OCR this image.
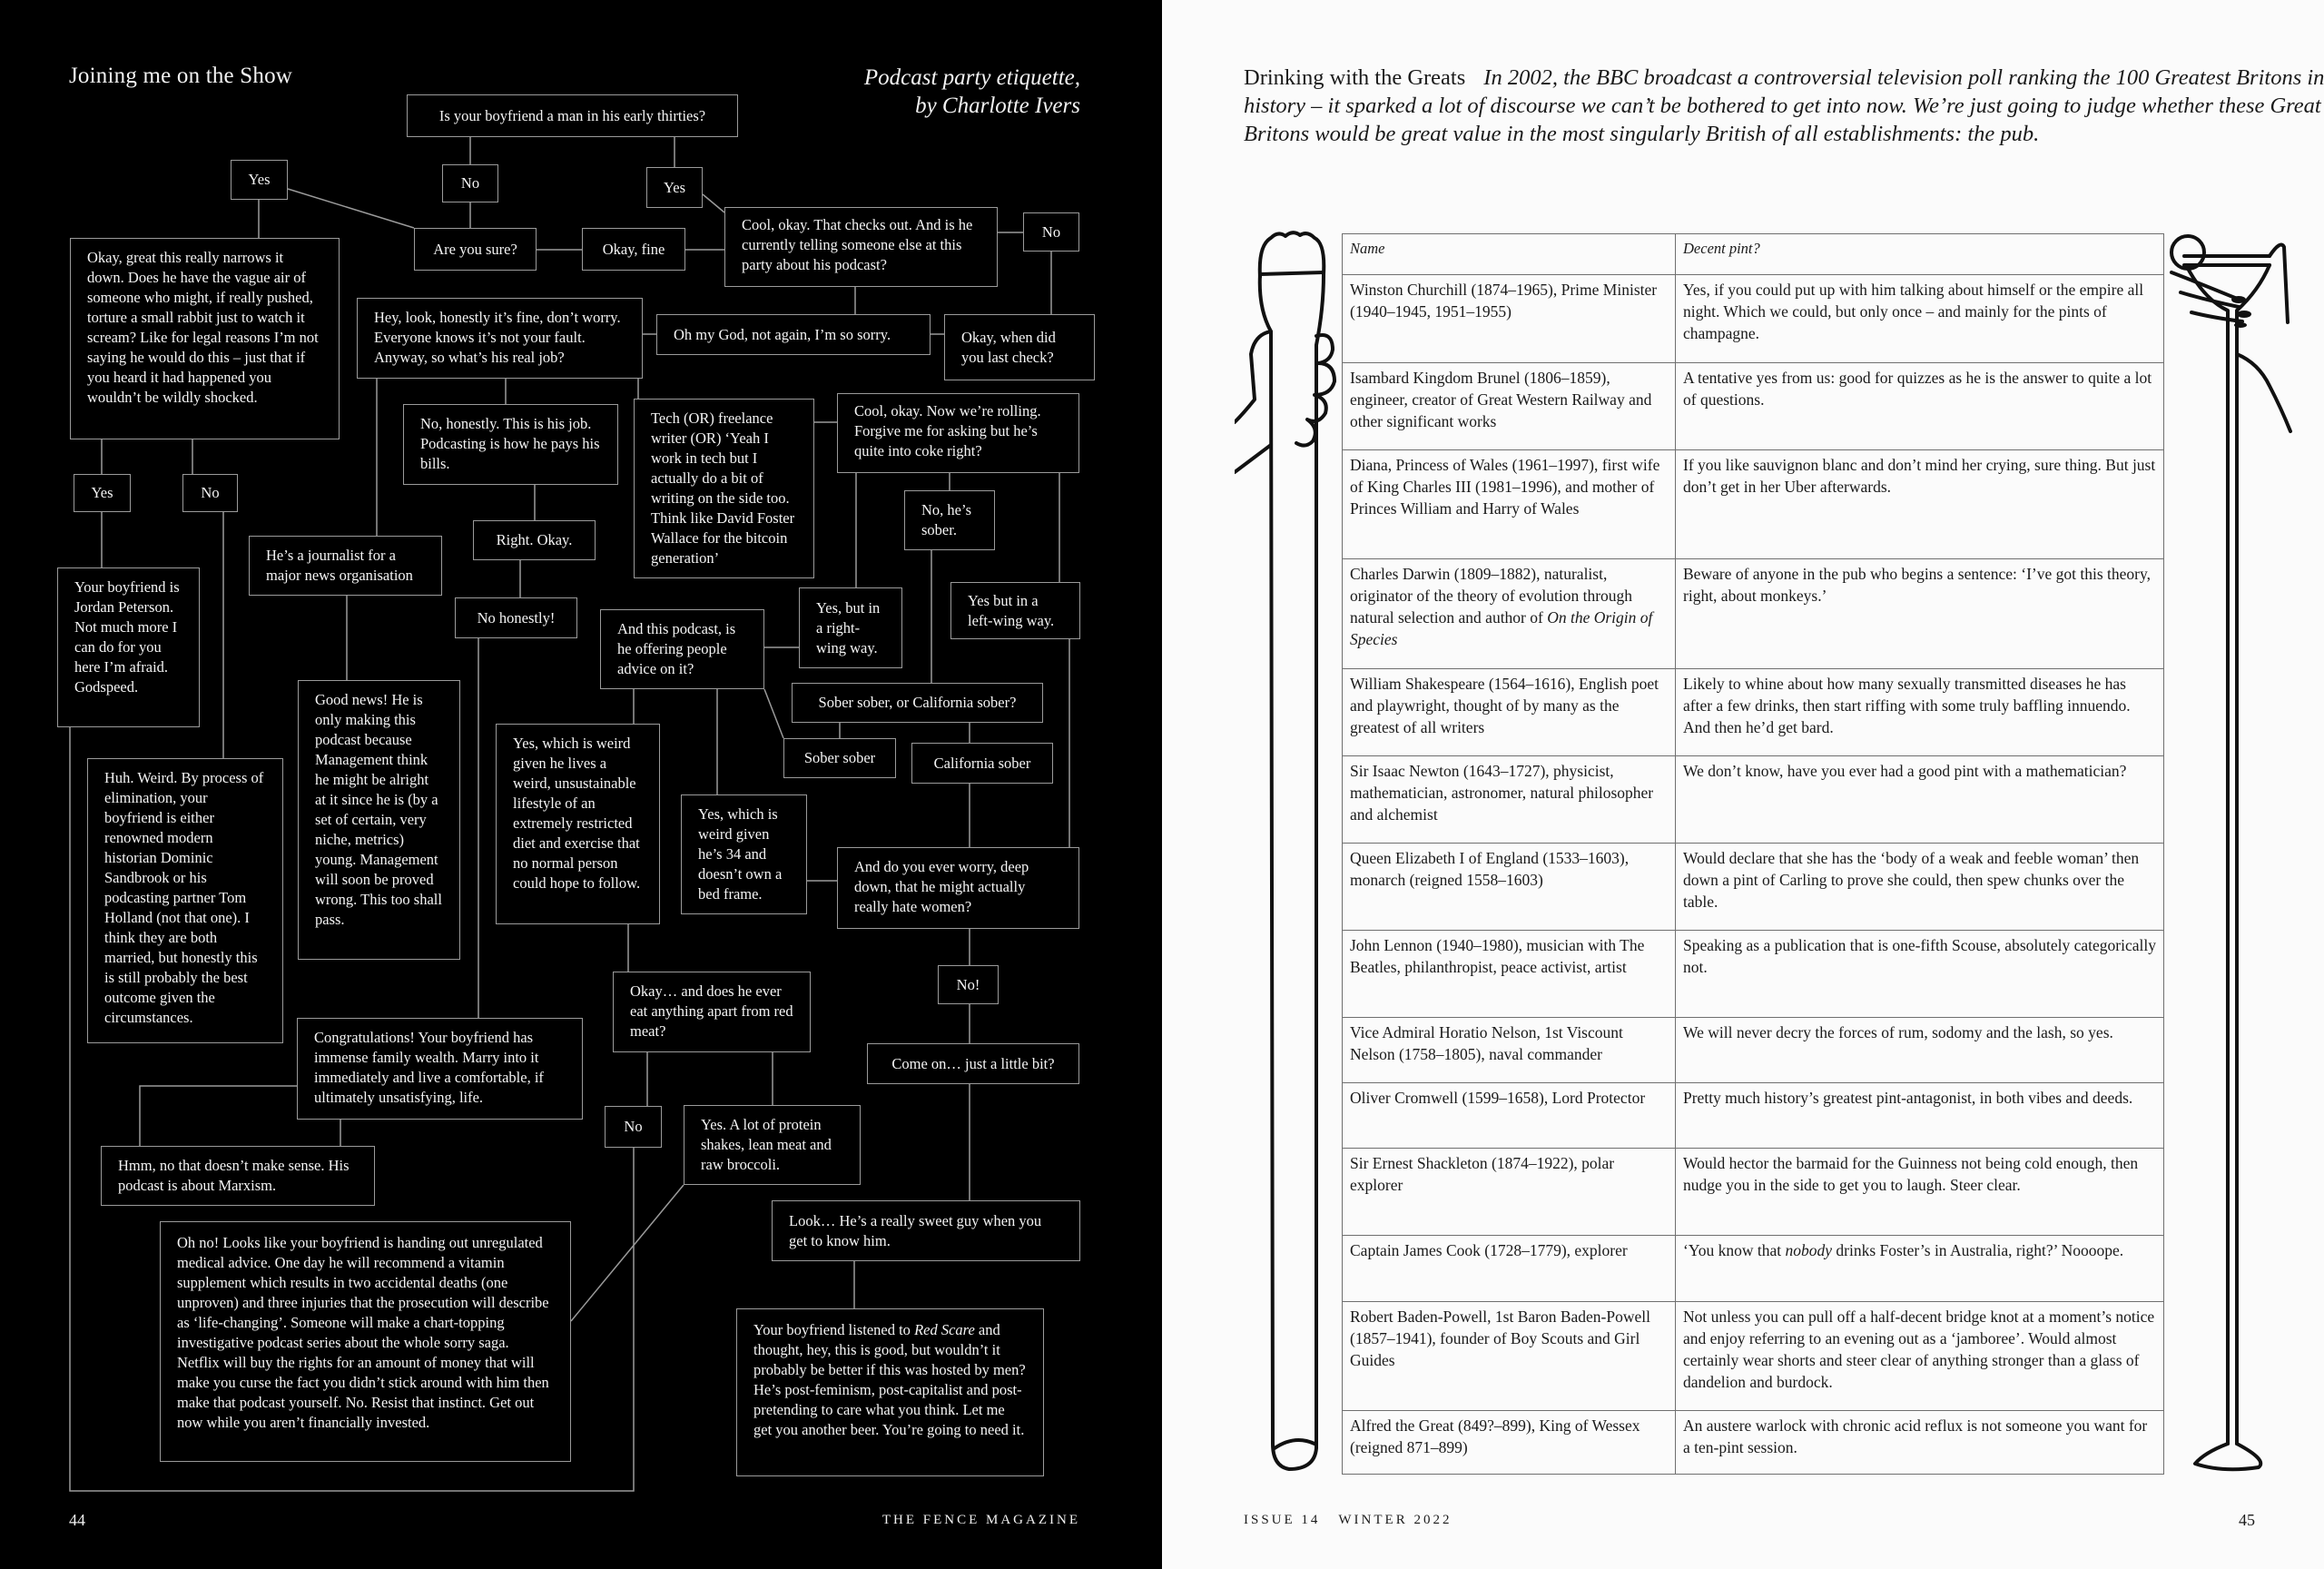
Joining me on the Show	Podcast party etiquette,
by Charlotte Ivers
Is your boyfriend a man in his early thirties?
Yes	No	Yes
Are you sure?	Okay, fine
Cool, okay. That checks out. And is he currently telling someone else at this party about his podcast?
No
Okay, great this really narrows it down. Does he have the vague air of someone who might, if really pushed, torture a small rabbit just to watch it scream? Like for legal reasons I’m not saying he would do this – just that if you heard it had happened you wouldn’t be wildly shocked.
Hey, look, honestly it’s fine, don’t worry. Everyone knows it’s not your fault. Anyway, so what’s his real job?
Oh my God, not again, I’m so sorry.	Okay, when did you last check?
No, honestly. This is his job. Podcasting is how he pays his bills.
Tech (OR) freelance writer (OR) ‘Yeah I work in tech but I actually do a bit of writing on the side too. Think like David Foster Wallace for the bitcoin generation’
Cool, okay. Now we’re rolling. Forgive me for asking but he’s quite into coke right?
Yes	No
No, he’s sober.
He’s a journalist for a major news organisation
Right. Okay.
No honestly!
Your boyfriend is Jordan Peterson. Not much more I can do for you here I’m afraid. Godspeed.
And this podcast, is he offering people advice on it?
Yes, but in a right-wing way.
Yes but in a left-wing way.
Sober sober, or California sober?
Sober sober	California sober
Good news! He is only making this podcast because Management think he might be alright at it since he is (by a set of certain, very niche, metrics) young. Management will soon be proved wrong. This too shall pass.
Yes, which is weird given he lives a weird, unsustainable lifestyle of an extremely restricted diet and exercise that no normal person could hope to follow.
Huh. Weird. By process of elimination, your boyfriend is either renowned modern historian Dominic Sandbrook or his podcasting partner Tom Holland (not that one). I think they are both married, but honestly this is still probably the best outcome given the circumstances.
Yes, which is weird given he’s 34 and doesn’t own a bed frame.
And do you ever worry, deep down, that he might actually really hate women?
No!
Okay… and does he ever eat anything apart from red meat?
Congratulations! Your boyfriend has immense family wealth. Marry into it immediately and live a comfortable, if ultimately unsatisfying, life.
Come on… just a little bit?
No	Yes. A lot of protein shakes, lean meat and raw broccoli.
Hmm, no that doesn’t make sense. His podcast is about Marxism.
Look… He’s a really sweet guy when you get to know him.
Oh no! Looks like your boyfriend is handing out unregulated medical advice. One day he will recommend a vitamin supplement which results in two accidental deaths (one unproven) and three injuries that the prosecution will describe as ‘life-changing’. Someone will make a chart-topping investigative podcast series about the whole sorry saga. Netflix will buy the rights for an amount of money that will make you curse the fact you didn’t stick around with him then make that podcast yourself. No. Resist that instinct. Get out now while you aren’t financially invested.
Your boyfriend listened to Red Scare and thought, hey, this is good, but wouldn’t it probably be better if this was hosted by men? He’s post-feminism, post-capitalist and post-pretending to care what you think. Let me get you another beer. You’re going to need it.
44	THE FENCE MAGAZINE
Drinking with the Greats In 2002, the BBC broadcast a controversial television poll ranking the 100 Greatest Britons in history – it sparked a lot of discourse we can’t be bothered to get into now. We’re just going to judge whether these Great Britons would be great value in the most singularly British of all establishments: the pub.
Name	Decent pint?
Winston Churchill (1874–1965), Prime Minister (1940–1945, 1951–1955)	Yes, if you could put up with him talking about himself or the empire all night. Which we could, but only once – and mainly for the pints of champagne.
Isambard Kingdom Brunel (1806–1859), engineer, creator of Great Western Railway and other significant works	A tentative yes from us: good for quizzes as he is the answer to quite a lot of questions.
Diana, Princess of Wales (1961–1997), first wife of King Charles III (1981–1996), and mother of Princes William and Harry of Wales	If you like sauvignon blanc and don’t mind her crying, sure thing. But just don’t get in her Uber afterwards.
Charles Darwin (1809–1882), naturalist, originator of the theory of evolution through natural selection and author of On the Origin of Species	Beware of anyone in the pub who begins a sentence: ‘I’ve got this theory, right, about monkeys.’
William Shakespeare (1564–1616), English poet and playwright, thought of by many as the greatest of all writers	Likely to whine about how many sexually transmitted diseases he has after a few drinks, then start riffing with some truly baffling innuendo. And then he’d get bard.
Sir Isaac Newton (1643–1727), physicist, mathematician, astronomer, natural philosopher and alchemist	We don’t know, have you ever had a good pint with a mathematician?
Queen Elizabeth I of England (1533–1603), monarch (reigned 1558–1603)	Would declare that she has the ‘body of a weak and feeble woman’ then down a pint of Carling to prove she could, then spew chunks over the table.
John Lennon (1940–1980), musician with The Beatles, philanthropist, peace activist, artist	Speaking as a publication that is one-fifth Scouse, absolutely categorically not.
Vice Admiral Horatio Nelson, 1st Viscount Nelson (1758–1805), naval commander	We will never decry the forces of rum, sodomy and the lash, so yes.
Oliver Cromwell (1599–1658), Lord Protector	Pretty much history’s greatest pint-antagonist, in both vibes and deeds.
Sir Ernest Shackleton (1874–1922), polar explorer	Would hector the barmaid for the Guinness not being cold enough, then nudge you in the side to get you to laugh. Steer clear.
Captain James Cook (1728–1779), explorer	‘You know that nobody drinks Foster’s in Australia, right?’ Noooope.
Robert Baden-Powell, 1st Baron Baden-Powell (1857–1941), founder of Boy Scouts and Girl Guides	Not unless you can pull off a half-decent bridge knot at a moment’s notice and enjoy referring to an evening out as a ‘jamboree’. Would almost certainly wear shorts and steer clear of anything stronger than a glass of dandelion and burdock.
Alfred the Great (849?–899), King of Wessex (reigned 871–899)	An austere warlock with chronic acid reflux is not someone you want for a ten-pint session.
ISSUE 14   WINTER 2022	45
